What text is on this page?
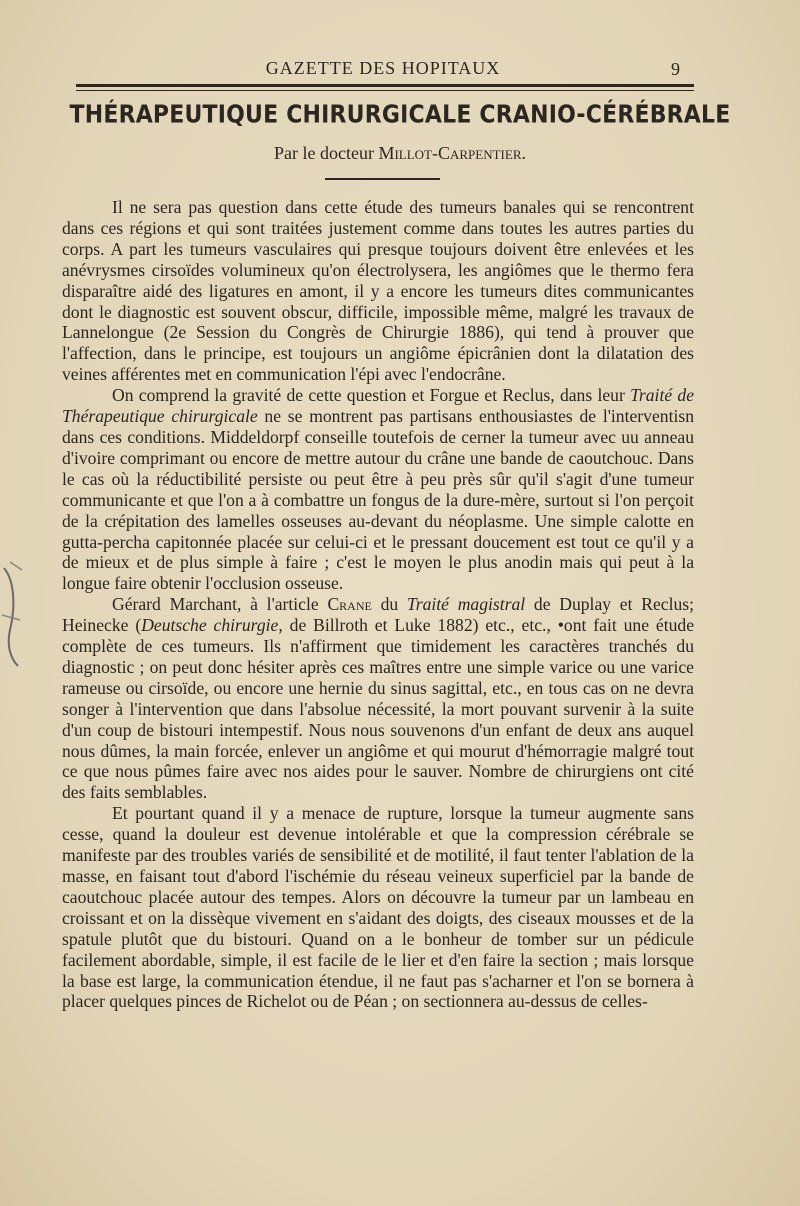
GAZETTE DES HOPITAUX	9
THÉRAPEUTIQUE CHIRURGICALE CRANIO-CÉRÉBRALE
Par le docteur Millot-Carpentier.

Il ne sera pas question dans cette étude des tumeurs banales qui se rencontrent dans ces régions et qui sont traitées justement comme dans toutes les autres parties du corps. A part les tumeurs vasculaires qui presque toujours doivent être enlevées et les anévrysmes cirsoïdes volumineux qu'on électrolysera, les angiômes que le thermo fera disparaître aidé des ligatures en amont, il y a encore les tumeurs dites communicantes dont le diagnostic est souvent obscur, difficile, impossible même, malgré les travaux de Lannelongue (2e Session du Congrès de Chirurgie 1886), qui tend à prouver que l'affection, dans le principe, est toujours un angiôme épicrânien dont la dilatation des veines afférentes met en communication l'épi avec l'endocrâne.

On comprend la gravité de cette question et Forgue et Reclus, dans leur Traité de Thérapeutique chirurgicale ne se montrent pas partisans enthousiastes de l'interventisn dans ces conditions. Middeldorpf conseille toutefois de cerner la tumeur avec uu anneau d'ivoire comprimant ou encore de mettre autour du crâne une bande de caoutchouc. Dans le cas où la réductibilité persiste ou peut être à peu près sûr qu'il s'agit d'une tumeur communicante et que l'on a à combattre un fongus de la dure-mère, surtout si l'on perçoit de la crépitation des lamelles osseuses au-devant du néoplasme. Une simple calotte en gutta-percha capitonnée placée sur celui-ci et le pressant doucement est tout ce qu'il y a de mieux et de plus simple à faire ; c'est le moyen le plus anodin mais qui peut à la longue faire obtenir l'occlusion osseuse.

Gérard Marchant, à l'article Crane du Traité magistral de Duplay et Reclus; Heinecke (Deutsche chirurgie, de Billroth et Luke 1882) etc., etc., •ont fait une étude complète de ces tumeurs. Ils n'affirment que timidement les caractères tranchés du diagnostic ; on peut donc hésiter après ces maîtres entre une simple varice ou une varice rameuse ou cirsoïde, ou encore une hernie du sinus sagittal, etc., en tous cas on ne devra songer à l'intervention que dans l'absolue nécessité, la mort pouvant survenir à la suite d'un coup de bistouri intempestif. Nous nous souvenons d'un enfant de deux ans auquel nous dûmes, la main forcée, enlever un angiôme et qui mourut d'hémorragie malgré tout ce que nous pûmes faire avec nos aides pour le sauver. Nombre de chirurgiens ont cité des faits semblables.

Et pourtant quand il y a menace de rupture, lorsque la tumeur augmente sans cesse, quand la douleur est devenue intolérable et que la compression cérébrale se manifeste par des troubles variés de sensibilité et de motilité, il faut tenter l'ablation de la masse, en faisant tout d'abord l'ischémie du réseau veineux superficiel par la bande de caoutchouc placée autour des tempes. Alors on découvre la tumeur par un lambeau en croissant et on la dissèque vivement en s'aidant des doigts, des ciseaux mousses et de la spatule plutôt que du bistouri. Quand on a le bonheur de tomber sur un pédicule facilement abordable, simple, il est facile de le lier et d'en faire la section ; mais lorsque la base est large, la communication étendue, il ne faut pas s'acharner et l'on se bornera à placer quelques pinces de Richelot ou de Péan ; on sectionnera au-dessus de celles-
